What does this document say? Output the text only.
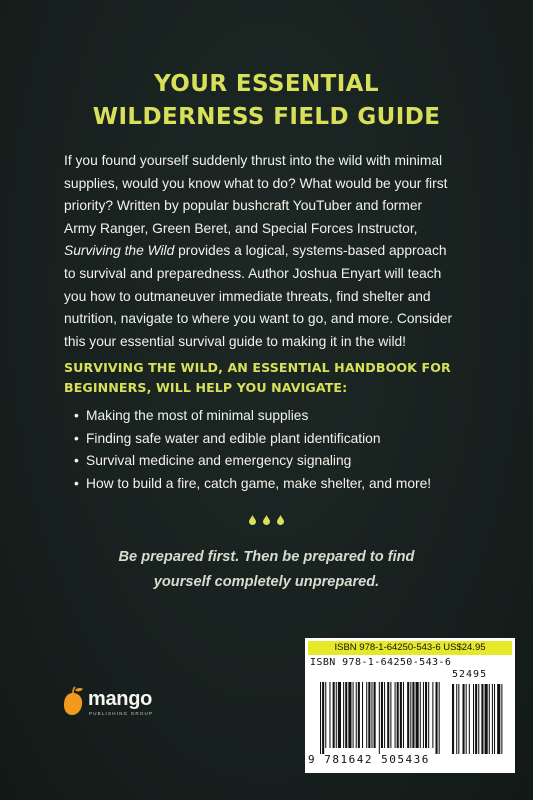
YOUR ESSENTIAL
WILDERNESS FIELD GUIDE
If you found yourself suddenly thrust into the wild with minimal
supplies, would you know what to do? What would be your first
priority? Written by popular bushcraft YouTuber and former
Army Ranger, Green Beret, and Special Forces Instructor,
Surviving the Wild provides a logical, systems-based approach
to survival and preparedness. Author Joshua Enyart will teach
you how to outmaneuver immediate threats, find shelter and
nutrition, navigate to where you want to go, and more. Consider
this your essential survival guide to making it in the wild!
SURVIVING THE WILD, AN ESSENTIAL HANDBOOK FOR
BEGINNERS, WILL HELP YOU NAVIGATE:
• Making the most of minimal supplies
• Finding safe water and edible plant identification
• Survival medicine and emergency signaling
• How to build a fire, catch game, make shelter, and more!

Be prepared first. Then be prepared to find
yourself completely unprepared.
mango
PUBLISHING GROUP
ISBN 978-1-64250-543-6 US$24.95
ISBN 978-1-64250-543-6
52495
9 781642 505436
